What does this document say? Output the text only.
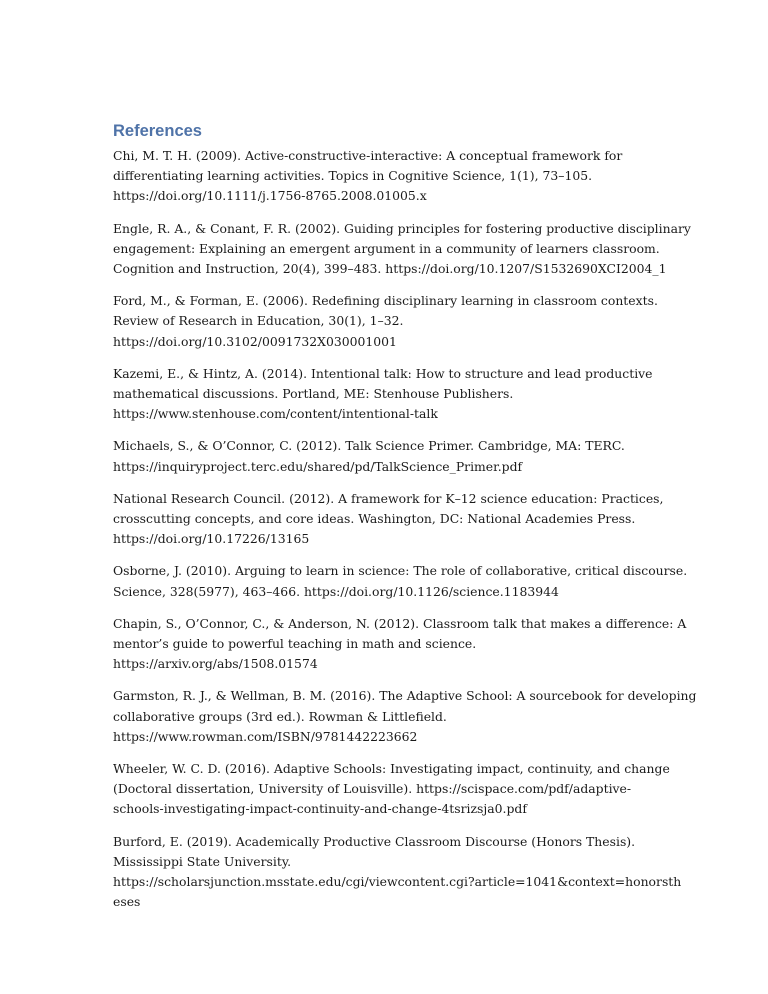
References

Chi, M. T. H. (2009). Active-constructive-interactive: A conceptual framework for
differentiating learning activities. Topics in Cognitive Science, 1(1), 73–105.
https://doi.org/10.1111/j.1756-8765.2008.01005.x

Engle, R. A., & Conant, F. R. (2002). Guiding principles for fostering productive disciplinary
engagement: Explaining an emergent argument in a community of learners classroom.
Cognition and Instruction, 20(4), 399–483. https://doi.org/10.1207/S1532690XCI2004_1

Ford, M., & Forman, E. (2006). Redefining disciplinary learning in classroom contexts.
Review of Research in Education, 30(1), 1–32.
https://doi.org/10.3102/0091732X030001001

Kazemi, E., & Hintz, A. (2014). Intentional talk: How to structure and lead productive
mathematical discussions. Portland, ME: Stenhouse Publishers.
https://www.stenhouse.com/content/intentional-talk

Michaels, S., & O’Connor, C. (2012). Talk Science Primer. Cambridge, MA: TERC.
https://inquiryproject.terc.edu/shared/pd/TalkScience_Primer.pdf

National Research Council. (2012). A framework for K–12 science education: Practices,
crosscutting concepts, and core ideas. Washington, DC: National Academies Press.
https://doi.org/10.17226/13165

Osborne, J. (2010). Arguing to learn in science: The role of collaborative, critical discourse.
Science, 328(5977), 463–466. https://doi.org/10.1126/science.1183944

Chapin, S., O’Connor, C., & Anderson, N. (2012). Classroom talk that makes a difference: A
mentor’s guide to powerful teaching in math and science.
https://arxiv.org/abs/1508.01574

Garmston, R. J., & Wellman, B. M. (2016). The Adaptive School: A sourcebook for developing
collaborative groups (3rd ed.). Rowman & Littlefield.
https://www.rowman.com/ISBN/9781442223662

Wheeler, W. C. D. (2016). Adaptive Schools: Investigating impact, continuity, and change
(Doctoral dissertation, University of Louisville). https://scispace.com/pdf/adaptive-
schools-investigating-impact-continuity-and-change-4tsrizsja0.pdf

Burford, E. (2019). Academically Productive Classroom Discourse (Honors Thesis).
Mississippi State University.
https://scholarsjunction.msstate.edu/cgi/viewcontent.cgi?article=1041&context=honorsth
eses
